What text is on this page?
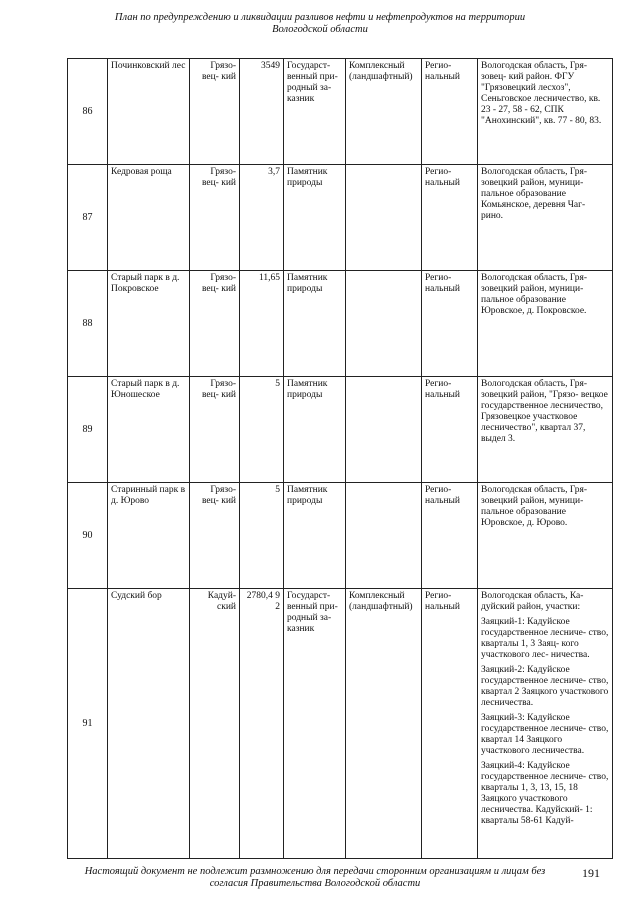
План по предупреждению и ликвидации разливов нефти и нефтепродуктов на территории
Вологодской области
86	Починковский лес	Грязо- вец- кий	3549	Государст- венный при- родный за- казник	Комплексный (ландшафтный)	Регио- нальный	Вологодская область, Гря- зовец- кий район. ФГУ "Грязовецкий лесхоз", Сеньговское лесничество, кв. 23 - 27, 58 - 62, СПК "Анохинский", кв. 77 - 80, 83.

87	Кедровая роща	Грязо- вец- кий	3,7	Памятник природы		Регио- нальный	Вологодская область, Гря- зовецкий район, муници- пальное образование Комьянское, деревня Чаг- рино.

88	Старый парк в д. Покровское	Грязо- вец- кий	11,65	Памятник природы		Регио- нальный	Вологодская область, Гря- зовецкий район, муници- пальное образование Юровское, д. Покровское.

89	Старый парк в д. Юношеское	Грязо- вец- кий	5	Памятник природы		Регио- нальный	Вологодская область, Гря- зовецкий район, "Грязо- вецкое государственное лесничество, Грязовецкое участковое лесничество", квартал 37, выдел 3.

90	Старинный парк в д. Юрово	Грязо- вец- кий	5	Памятник природы		Регио- нальный	Вологодская область, Гря- зовецкий район, муници- пальное образование Юровское, д. Юрово.

91	Судский бор	Кадуй- ский	2780,4 9 2	Государст- венный при- родный за- казник	Комплексный (ландшафтный)	Регио- нальный	Вологодская область, Ка- дуйский район, участки:
Заяцкий-1: Кадуйское государственное лесниче- ство, кварталы 1, 3 Заяц- кого участкового лес- ничества.
Заяцкий-2: Кадуйское государственное лесниче- ство, квартал 2 Заяцкого участкового лесничества.
Заяцкий-3: Кадуйское государственное лесниче- ство, квартал 14 Заяцкого участкового лесничества.
Заяцкий-4: Кадуйское государственное лесниче- ство, кварталы 1, 3, 13, 15, 18 Заяцкого участкового лесничества. Кадуйский- 1: кварталы 58-61 Кадуй-
Настоящий документ не подлежит размножению для передачи сторонним организациям и лицам без
согласия Правительства Вологодской области
191
